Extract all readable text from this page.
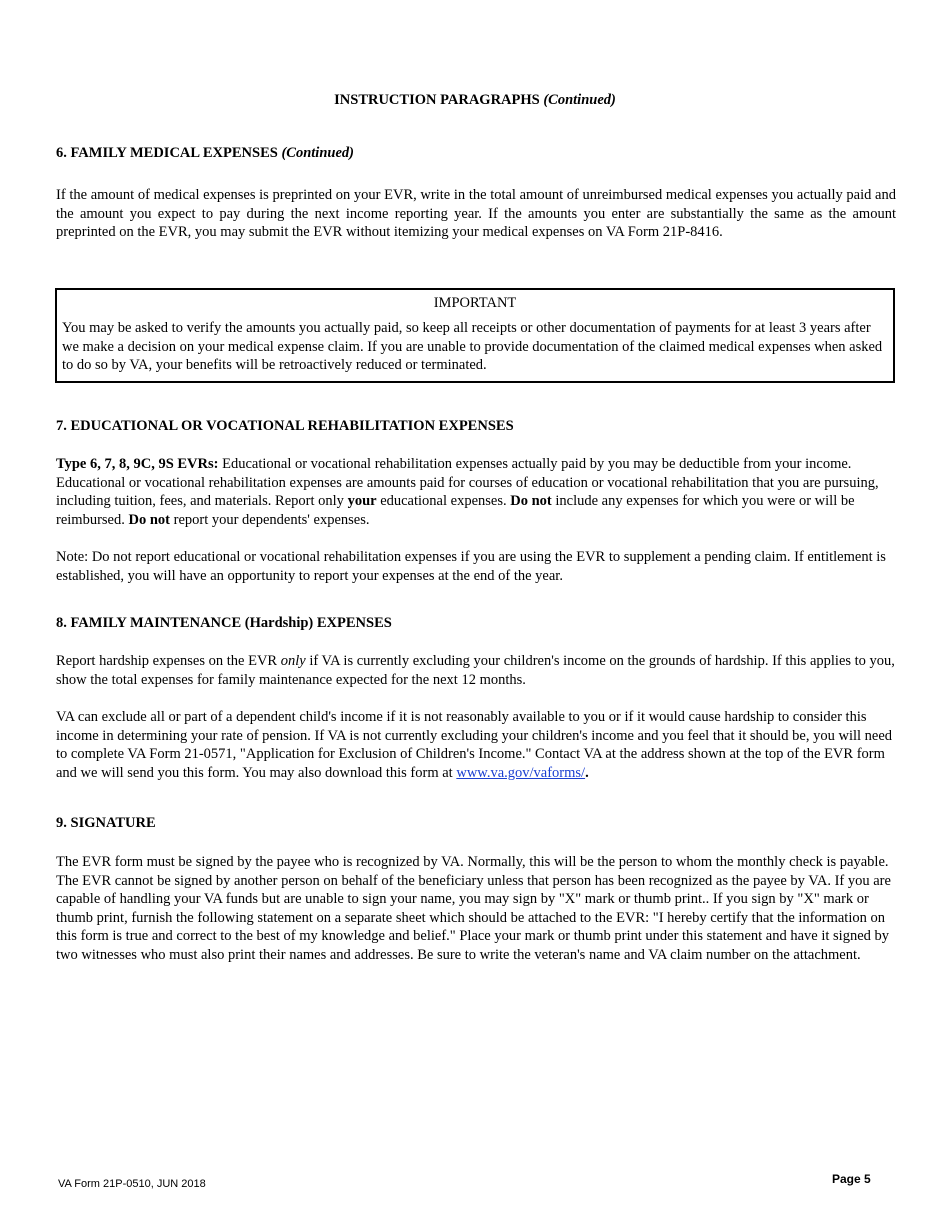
INSTRUCTION PARAGRAPHS (Continued)
6. FAMILY MEDICAL EXPENSES (Continued)

If the amount of medical expenses is preprinted on your EVR, write in the total amount of unreimbursed medical expenses you actually paid and the amount you expect to pay during the next income reporting year. If the amounts you enter are substantially the same as the amount preprinted on the EVR, you may submit the EVR without itemizing your medical expenses on VA Form 21P-8416.

IMPORTANT

You may be asked to verify the amounts you actually paid, so keep all receipts or other documentation of payments for at least 3 years after we make a decision on your medical expense claim. If you are unable to provide documentation of the claimed medical expenses when asked to do so by VA, your benefits will be retroactively reduced or terminated.

7. EDUCATIONAL OR VOCATIONAL REHABILITATION EXPENSES

Type 6, 7, 8, 9C, 9S EVRs: Educational or vocational rehabilitation expenses actually paid by you may be deductible from your income. Educational or vocational rehabilitation expenses are amounts paid for courses of education or vocational rehabilitation that you are pursuing, including tuition, fees, and materials. Report only your educational expenses. Do not include any expenses for which you were or will be reimbursed. Do not report your dependents' expenses.

Note: Do not report educational or vocational rehabilitation expenses if you are using the EVR to supplement a pending claim. If entitlement is established, you will have an opportunity to report your expenses at the end of the year.

8. FAMILY MAINTENANCE (Hardship) EXPENSES

Report hardship expenses on the EVR only if VA is currently excluding your children's income on the grounds of hardship. If this applies to you, show the total expenses for family maintenance expected for the next 12 months.

VA can exclude all or part of a dependent child's income if it is not reasonably available to you or if it would cause hardship to consider this income in determining your rate of pension. If VA is not currently excluding your children's income and you feel that it should be, you will need to complete VA Form 21-0571, "Application for Exclusion of Children's Income." Contact VA at the address shown at the top of the EVR form and we will send you this form. You may also download this form at www.va.gov/vaforms/.

9. SIGNATURE

The EVR form must be signed by the payee who is recognized by VA. Normally, this will be the person to whom the monthly check is payable. The EVR cannot be signed by another person on behalf of the beneficiary unless that person has been recognized as the payee by VA. If you are capable of handling your VA funds but are unable to sign your name, you may sign by "X" mark or thumb print.. If you sign by "X" mark or thumb print, furnish the following statement on a separate sheet which should be attached to the EVR: "I hereby certify that the information on this form is true and correct to the best of my knowledge and belief." Place your mark or thumb print under this statement and have it signed by two witnesses who must also print their names and addresses. Be sure to write the veteran's name and VA claim number on the attachment.

VA Form 21P-0510, JUN 2018	Page 5
